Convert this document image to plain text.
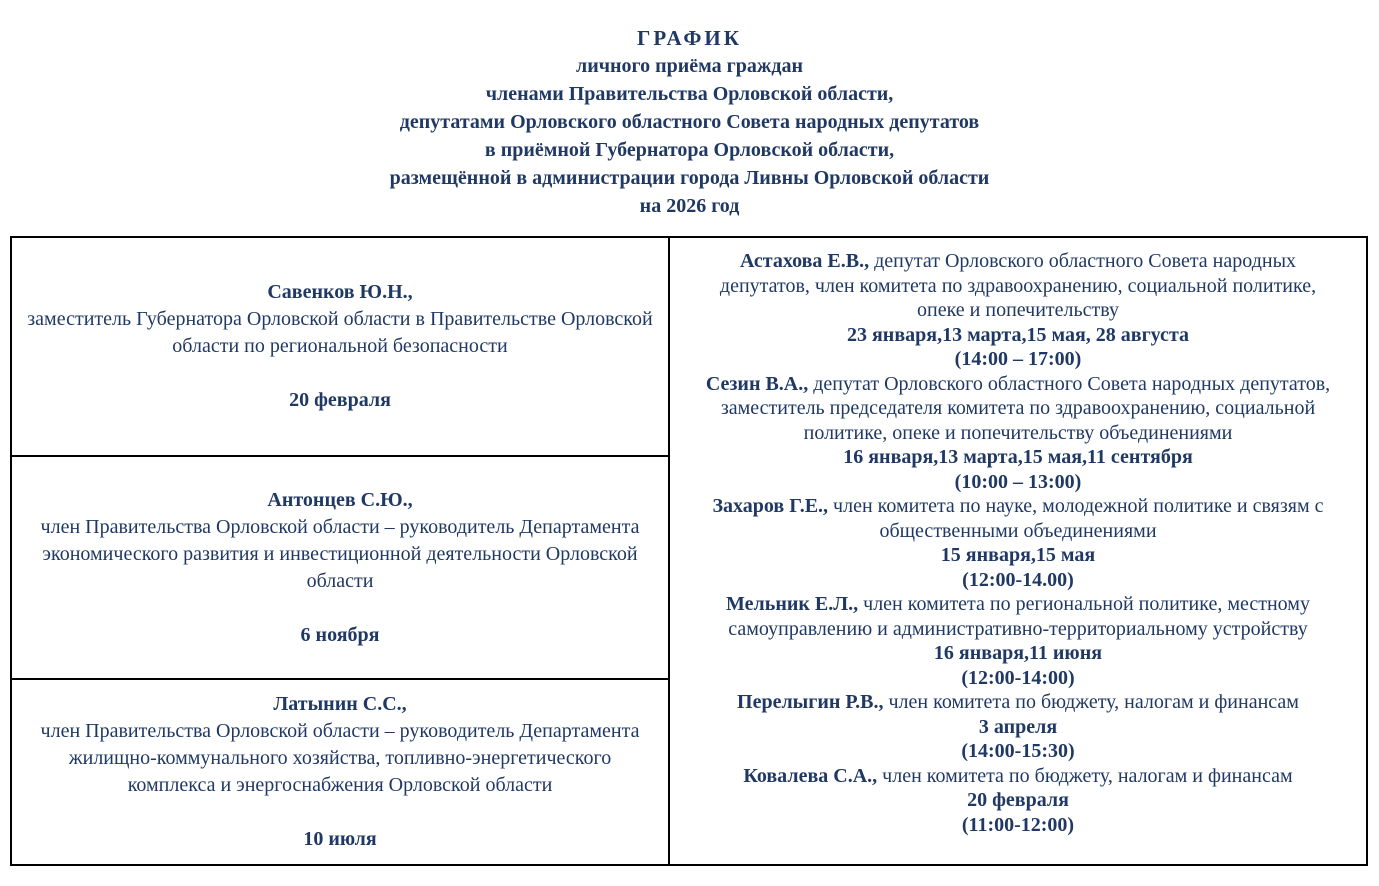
ГРАФИК
личного приёма граждан
членами Правительства Орловской области,
депутатами Орловского областного Совета народных депутатов
в приёмной Губернатора Орловской области,
размещённой в администрации города Ливны Орловской области
на 2026 год
Савенков Ю.Н.,
заместитель Губернатора Орловской области в Правительстве Орловской области по региональной безопасности
20 февраля
Антонцев С.Ю.,
член Правительства Орловской области – руководитель Департамента экономического развития и инвестиционной деятельности Орловской области
6 ноября
Латынин С.С.,
член Правительства Орловской области – руководитель Департамента жилищно-коммунального хозяйства, топливно-энергетического комплекса и энергоснабжения Орловской области
10 июля
Астахова Е.В., депутат Орловского областного Совета народных депутатов, член комитета по здравоохранению, социальной политике, опеке и попечительству
23 января,13 марта,15 мая, 28 августа
(14:00 – 17:00)
Сезин В.А., депутат Орловского областного Совета народных депутатов, заместитель председателя комитета по здравоохранению, социальной политике, опеке и попечительству объединениями
16 января,13 марта,15 мая,11 сентября
(10:00 – 13:00)
Захаров Г.Е., член комитета по науке, молодежной политике и связям с общественными объединениями
15 января,15 мая
(12:00-14.00)
Мельник Е.Л., член комитета по региональной политике, местному самоуправлению и административно-территориальному устройству
16 января,11 июня
(12:00-14:00)
Перелыгин Р.В., член комитета по бюджету, налогам и финансам
3 апреля
(14:00-15:30)
Ковалева С.А., член комитета по бюджету, налогам и финансам
20 февраля
(11:00-12:00)
